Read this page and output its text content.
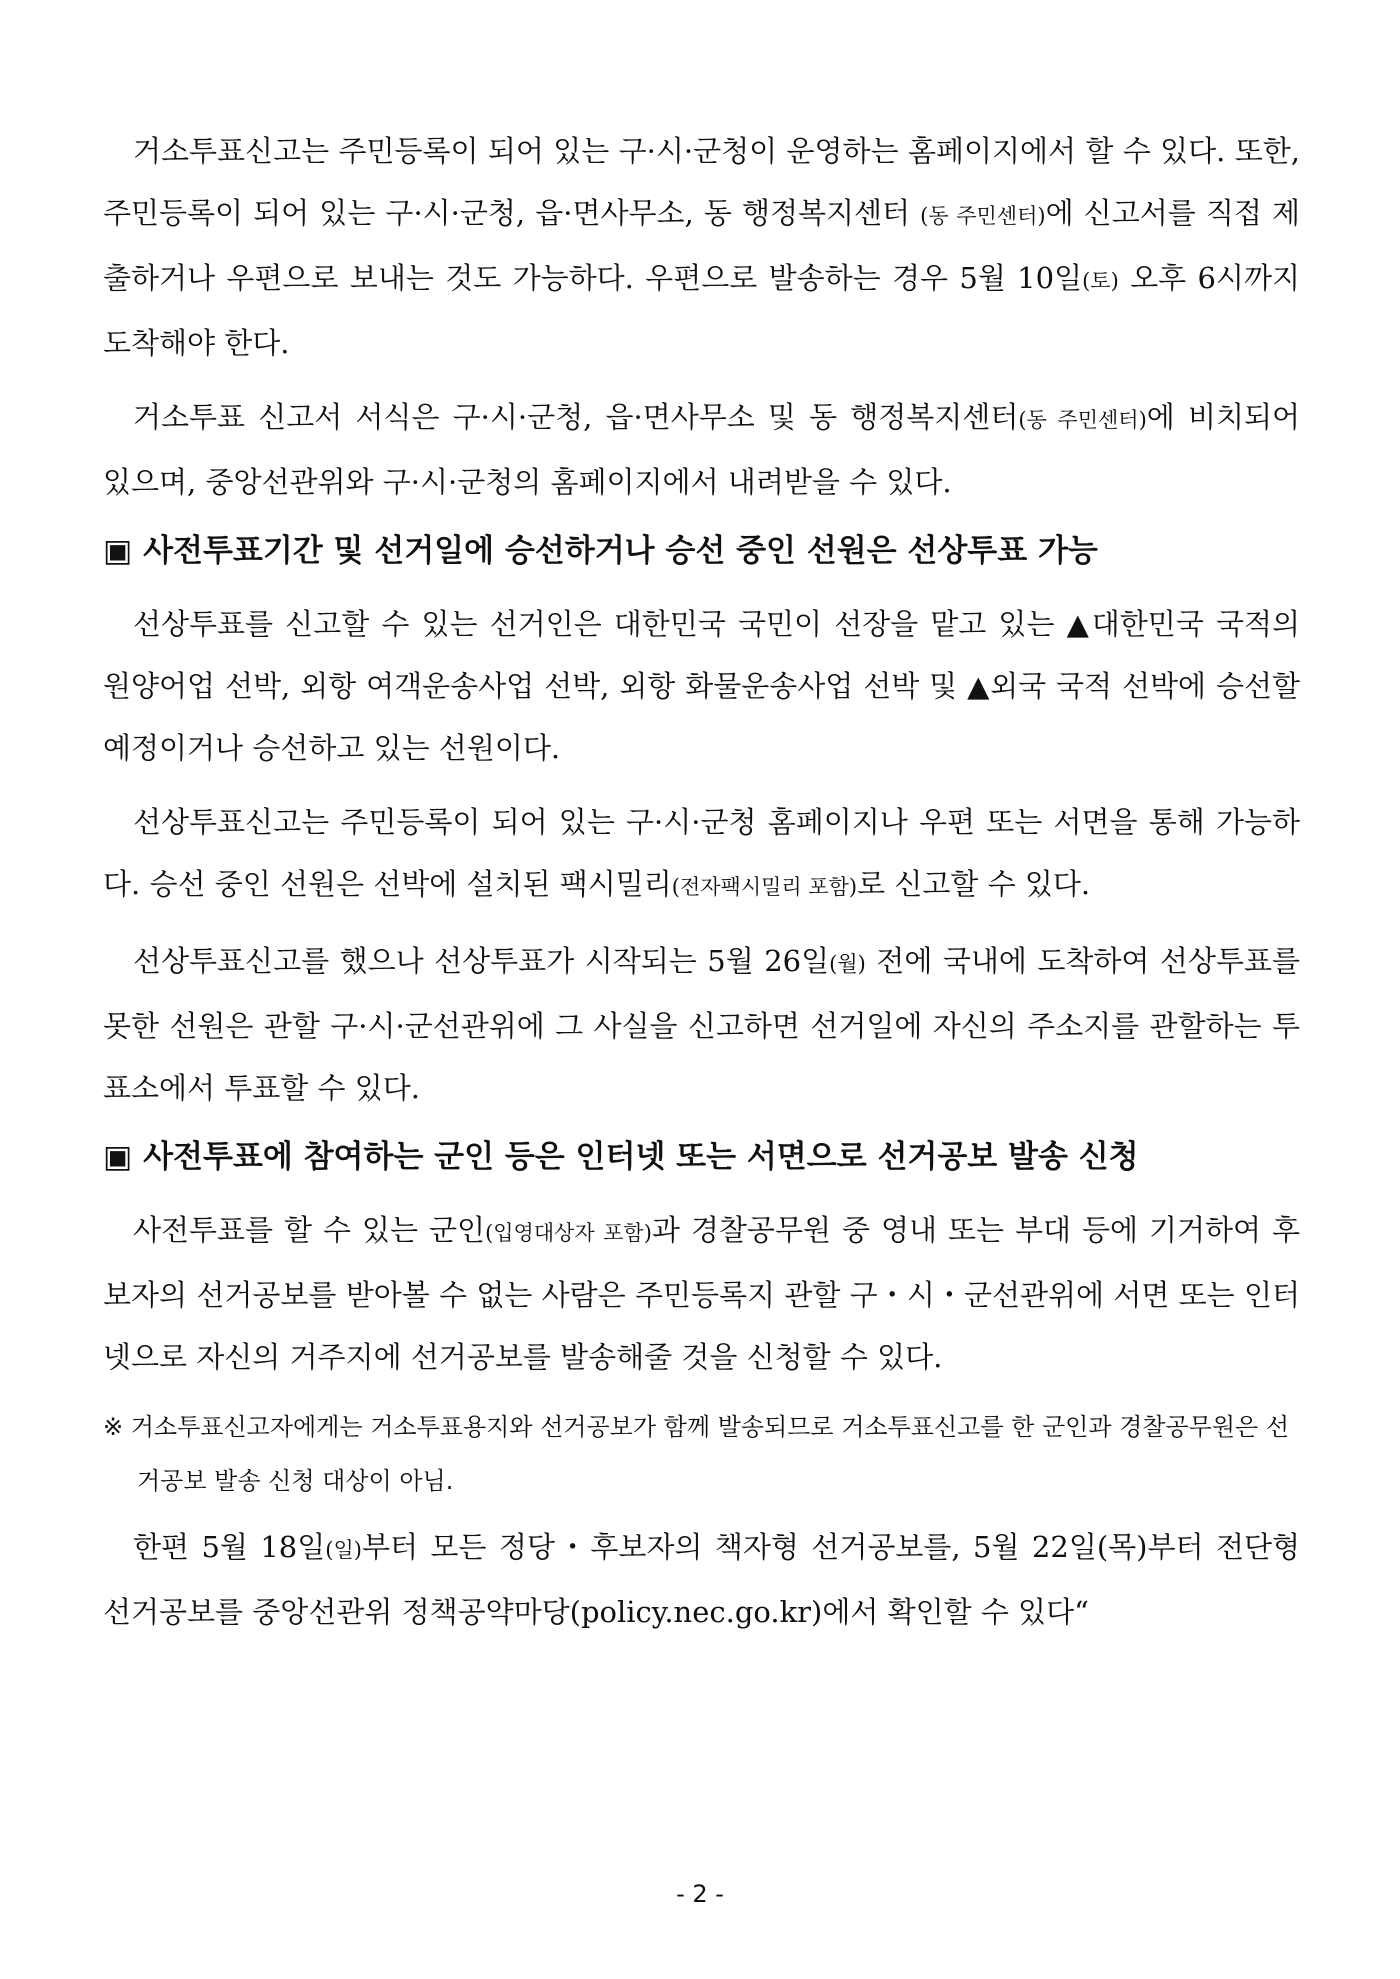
거소투표신고는 주민등록이 되어 있는 구·시·군청이 운영하는 홈페이지에서 할 수 있다. 또한, 주민등록이 되어 있는 구·시·군청, 읍·면사무소, 동 행정복지센터 (동 주민센터)에 신고서를 직접 제출하거나 우편으로 보내는 것도 가능하다. 우편으로 발송하는 경우 5월 10일(토) 오후 6시까지 도착해야 한다.

거소투표 신고서 서식은 구·시·군청, 읍·면사무소 및 동 행정복지센터(동 주민센터)에 비치되어 있으며, 중앙선관위와 구·시·군청의 홈페이지에서 내려받을 수 있다.

▣ 사전투표기간 및 선거일에 승선하거나 승선 중인 선원은 선상투표 가능

선상투표를 신고할 수 있는 선거인은 대한민국 국민이 선장을 맡고 있는 ▲대한민국 국적의 원양어업 선박, 외항 여객운송사업 선박, 외항 화물운송사업 선박 및 ▲외국 국적 선박에 승선할 예정이거나 승선하고 있는 선원이다.

선상투표신고는 주민등록이 되어 있는 구·시·군청 홈페이지나 우편 또는 서면을 통해 가능하다. 승선 중인 선원은 선박에 설치된 팩시밀리(전자팩시밀리 포함)로 신고할 수 있다.

선상투표신고를 했으나 선상투표가 시작되는 5월 26일(월) 전에 국내에 도착하여 선상투표를 못한 선원은 관할 구·시·군선관위에 그 사실을 신고하면 선거일에 자신의 주소지를 관할하는 투표소에서 투표할 수 있다.

▣ 사전투표에 참여하는 군인 등은 인터넷 또는 서면으로 선거공보 발송 신청

사전투표를 할 수 있는 군인(입영대상자 포함)과 경찰공무원 중 영내 또는 부대 등에 기거하여 후보자의 선거공보를 받아볼 수 없는 사람은 주민등록지 관할 구・시・군선관위에 서면 또는 인터넷으로 자신의 거주지에 선거공보를 발송해줄 것을 신청할 수 있다.

※ 거소투표신고자에게는 거소투표용지와 선거공보가 함께 발송되므로 거소투표신고를 한 군인과 경찰공무원은 선거공보 발송 신청 대상이 아님.

한편 5월 18일(일)부터 모든 정당・후보자의 책자형 선거공보를, 5월 22일(목)부터 전단형 선거공보를 중앙선관위 정책공약마당(policy.nec.go.kr)에서 확인할 수 있다“

- 2 -
